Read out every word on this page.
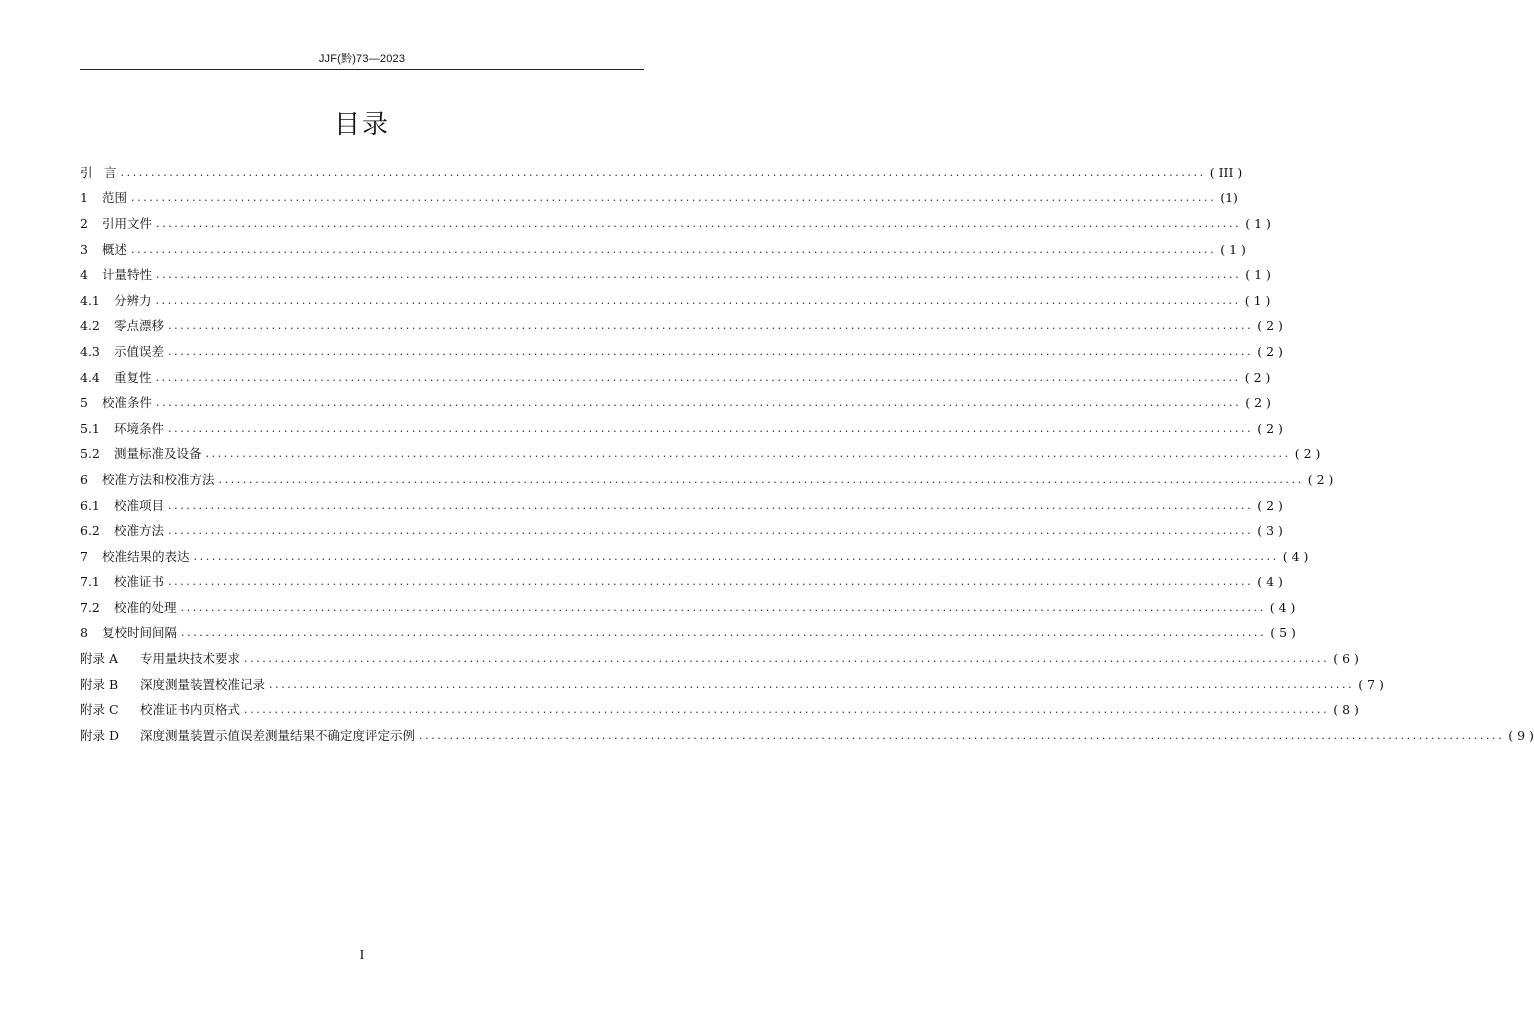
JJF(黔)73—2023
目录
引 言 .................................................................................................................................................................................. ( III )
1	范围 .................................................................................................................................................................................. (1)
2	引用文件 .................................................................................................................................................................................. ( 1 )
3	概述 .................................................................................................................................................................................. ( 1 )
4	计量特性 .................................................................................................................................................................................. ( 1 )
4.1	分辨力 .................................................................................................................................................................................. ( 1 )
4.2	零点漂移 .................................................................................................................................................................................. ( 2 )
4.3	示值误差 .................................................................................................................................................................................. ( 2 )
4.4	重复性 .................................................................................................................................................................................. ( 2 )
5	校准条件 .................................................................................................................................................................................. ( 2 )
5.1	环境条件 .................................................................................................................................................................................. ( 2 )
5.2	测量标准及设备 .................................................................................................................................................................................. ( 2 )
6	校准方法和校准方法 .................................................................................................................................................................................. ( 2 )
6.1	校准项目 .................................................................................................................................................................................. ( 2 )
6.2	校准方法 .................................................................................................................................................................................. ( 3 )
7	校准结果的表达 .................................................................................................................................................................................. ( 4 )
7.1	校准证书 .................................................................................................................................................................................. ( 4 )
7.2	校准的处理 .................................................................................................................................................................................. ( 4 )
8	复校时间间隔 .................................................................................................................................................................................. ( 5 )
附录 A	专用量块技术要求 .................................................................................................................................................................................. ( 6 )
附录 B	深度测量装置校准记录 .................................................................................................................................................................................. ( 7 )
附录 C	校准证书内页格式 .................................................................................................................................................................................. ( 8 )
附录 D	深度测量装置示值误差测量结果不确定度评定示例 .................................................................................................................................................................................. ( 9 )
I
